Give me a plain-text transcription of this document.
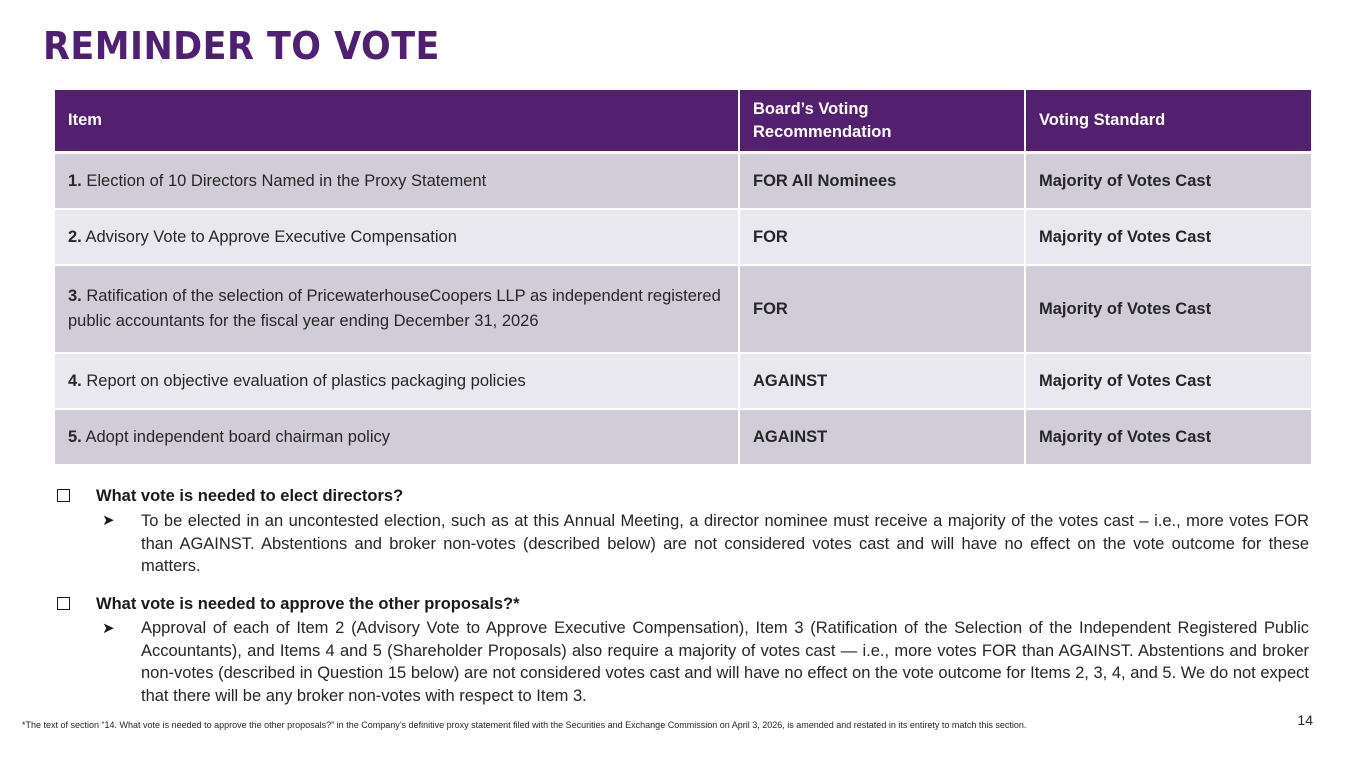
REMINDER TO VOTE
Item	Board’s Voting Recommendation	Voting Standard
1. Election of 10 Directors Named in the Proxy Statement	FOR All Nominees	Majority of Votes Cast
2. Advisory Vote to Approve Executive Compensation	FOR	Majority of Votes Cast
3. Ratification of the selection of PricewaterhouseCoopers LLP as independent registered public accountants for the fiscal year ending December 31, 2026	FOR	Majority of Votes Cast
4. Report on objective evaluation of plastics packaging policies	AGAINST	Majority of Votes Cast
5. Adopt independent board chairman policy	AGAINST	Majority of Votes Cast
What vote is needed to elect directors?
➤ To be elected in an uncontested election, such as at this Annual Meeting, a director nominee must receive a majority of the votes cast – i.e., more votes FOR than AGAINST. Abstentions and broker non-votes (described below) are not considered votes cast and will have no effect on the vote outcome for these matters.
What vote is needed to approve the other proposals?*
➤ Approval of each of Item 2 (Advisory Vote to Approve Executive Compensation), Item 3 (Ratification of the Selection of the Independent Registered Public Accountants), and Items 4 and 5 (Shareholder Proposals) also require a majority of votes cast — i.e., more votes FOR than AGAINST. Abstentions and broker non-votes (described in Question 15 below) are not considered votes cast and will have no effect on the vote outcome for Items 2, 3, 4, and 5. We do not expect that there will be any broker non-votes with respect to Item 3.
*The text of section “14. What vote is needed to approve the other proposals?” in the Company’s definitive proxy statement filed with the Securities and Exchange Commission on April 3, 2026, is amended and restated in its entirety to match this section.	14
